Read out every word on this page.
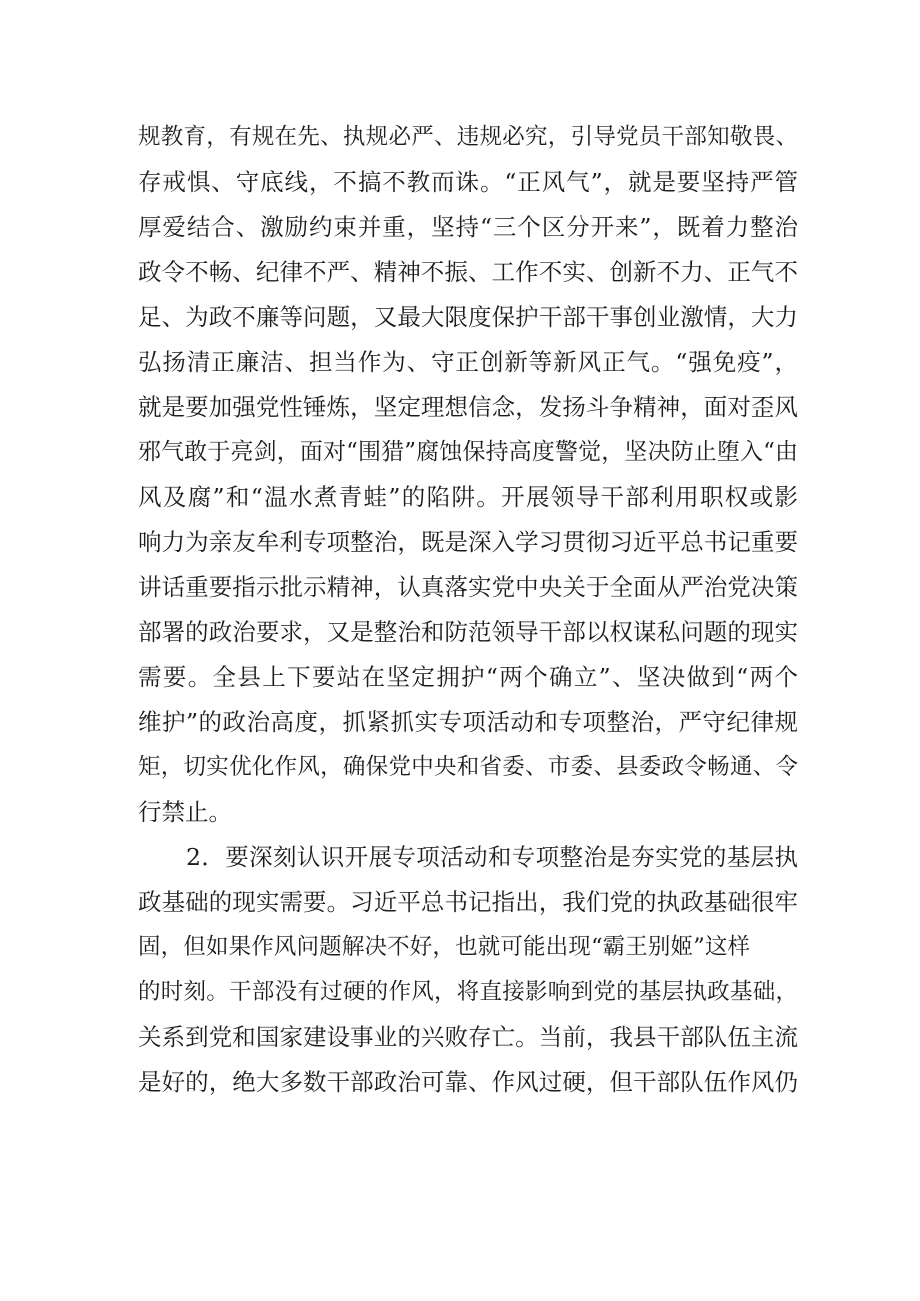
规教育，有规在先、执规必严、违规必究，引导党员干部知敬畏、
存戒惧、守底线，不搞不教而诛。“正风气”，就是要坚持严管
厚爱结合、激励约束并重，坚持“三个区分开来”，既着力整治
政令不畅、纪律不严、精神不振、工作不实、创新不力、正气不
足、为政不廉等问题，又最大限度保护干部干事创业激情，大力
弘扬清正廉洁、担当作为、守正创新等新风正气。“强免疫”，
就是要加强党性锤炼，坚定理想信念，发扬斗争精神，面对歪风
邪气敢于亮剑，面对“围猎”腐蚀保持高度警觉，坚决防止堕入“由
风及腐”和“温水煮青蛙”的陷阱。开展领导干部利用职权或影
响力为亲友牟利专项整治，既是深入学习贯彻习近平总书记重要
讲话重要指示批示精神，认真落实党中央关于全面从严治党决策
部署的政治要求，又是整治和防范领导干部以权谋私问题的现实
需要。全县上下要站在坚定拥护“两个确立”、坚决做到“两个
维护”的政治高度，抓紧抓实专项活动和专项整治，严守纪律规
矩，切实优化作风，确保党中央和省委、市委、县委政令畅通、令
行禁止。
2．要深刻认识开展专项活动和专项整治是夯实党的基层执
政基础的现实需要。习近平总书记指出，我们党的执政基础很牢
固，但如果作风问题解决不好，也就可能出现“霸王别姬”这样
的时刻。干部没有过硬的作风，将直接影响到党的基层执政基础，
关系到党和国家建设事业的兴败存亡。当前，我县干部队伍主流
是好的，绝大多数干部政治可靠、作风过硬，但干部队伍作风仍
